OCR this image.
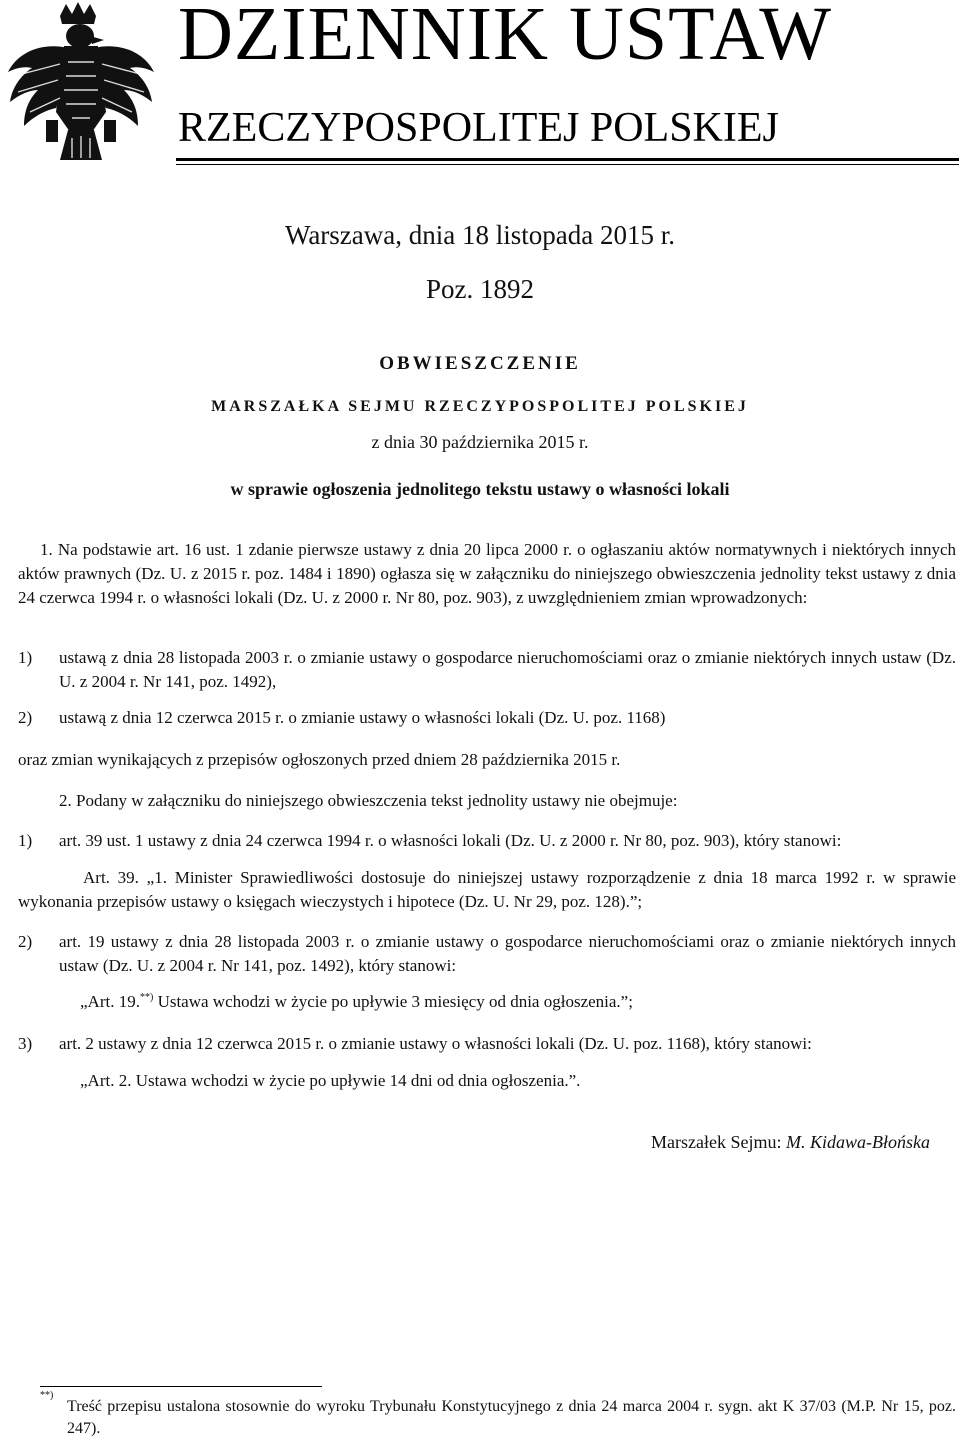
DZIENNIK USTAW
RZECZYPOSPOLITEJ POLSKIEJ
Warszawa, dnia 18 listopada 2015 r.
Poz. 1892
OBWIESZCZENIE
MARSZAŁKA SEJMU RZECZYPOSPOLITEJ POLSKIEJ
z dnia 30 października 2015 r.
w sprawie ogłoszenia jednolitego tekstu ustawy o własności lokali
1. Na podstawie art. 16 ust. 1 zdanie pierwsze ustawy z dnia 20 lipca 2000 r. o ogłaszaniu aktów normatywnych i niektórych innych aktów prawnych (Dz. U. z 2015 r. poz. 1484 i 1890) ogłasza się w załączniku do niniejszego obwieszczenia jednolity tekst ustawy z dnia 24 czerwca 1994 r. o własności lokali (Dz. U. z 2000 r. Nr 80, poz. 903), z uwzględnieniem zmian wprowadzonych:
1)	ustawą z dnia 28 listopada 2003 r. o zmianie ustawy o gospodarce nieruchomościami oraz o zmianie niektórych innych ustaw (Dz. U. z 2004 r. Nr 141, poz. 1492),
2)	ustawą z dnia 12 czerwca 2015 r. o zmianie ustawy o własności lokali (Dz. U. poz. 1168)
oraz zmian wynikających z przepisów ogłoszonych przed dniem 28 października 2015 r.
2. Podany w załączniku do niniejszego obwieszczenia tekst jednolity ustawy nie obejmuje:
1)	art. 39 ust. 1 ustawy z dnia 24 czerwca 1994 r. o własności lokali (Dz. U. z 2000 r. Nr 80, poz. 903), który stanowi:
Art. 39. „1. Minister Sprawiedliwości dostosuje do niniejszej ustawy rozporządzenie z dnia 18 marca 1992 r. w sprawie wykonania przepisów ustawy o księgach wieczystych i hipotece (Dz. U. Nr 29, poz. 128).”;
2)	art. 19 ustawy z dnia 28 listopada 2003 r. o zmianie ustawy o gospodarce nieruchomościami oraz o zmianie niektórych innych ustaw (Dz. U. z 2004 r. Nr 141, poz. 1492), który stanowi:
„Art. 19.**) Ustawa wchodzi w życie po upływie 3 miesięcy od dnia ogłoszenia.”;
3)	art. 2 ustawy z dnia 12 czerwca 2015 r. o zmianie ustawy o własności lokali (Dz. U. poz. 1168), który stanowi:
„Art. 2. Ustawa wchodzi w życie po upływie 14 dni od dnia ogłoszenia.”.
Marszałek Sejmu: M. Kidawa-Błońska
**)
Treść przepisu ustalona stosownie do wyroku Trybunału Konstytucyjnego z dnia 24 marca 2004 r. sygn. akt K 37/03 (M.P. Nr 15, poz. 247).
